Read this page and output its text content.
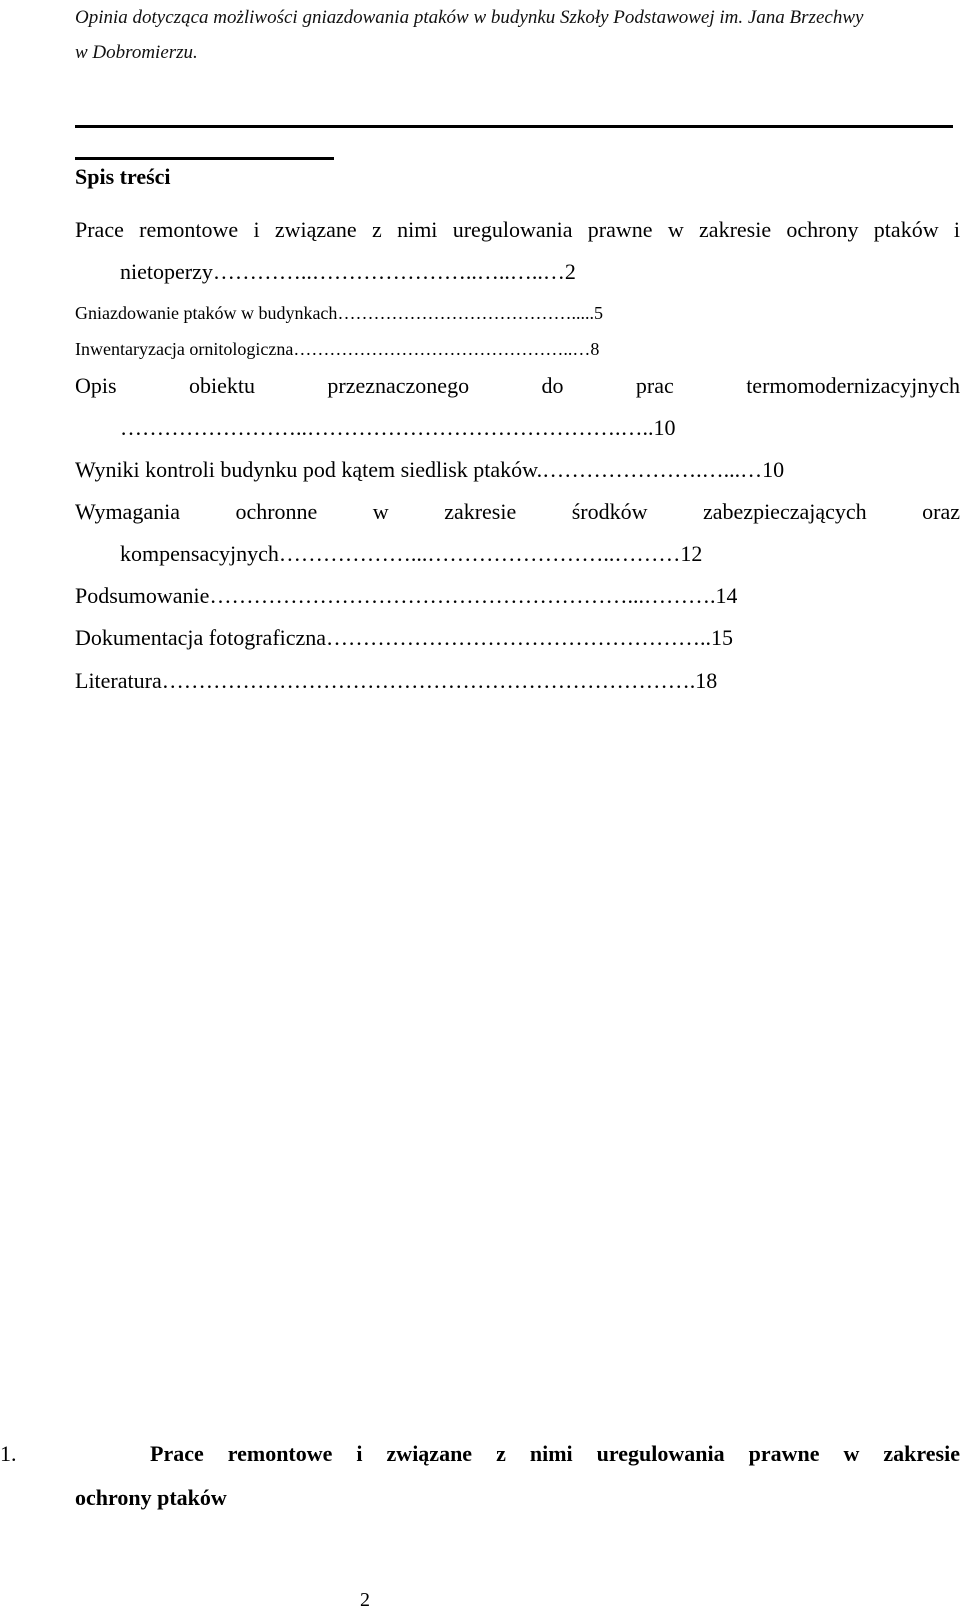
Opinia dotycząca możliwości gniazdowania ptaków w budynku Szkoły Podstawowej im. Jana Brzechwy
w Dobromierzu.
Spis treści
Prace remontowe i związane z nimi uregulowania prawne w zakresie ochrony ptaków i
nietoperzy…………..…………………..…..…..…2
Gniazdowanie ptaków w budynkach………………………………….....5
Inwentaryzacja ornitologiczna………………………………………..…8
Opis obiektu przeznaczonego do prac termomodernizacyjnych
……………………..…………………………………….…..10
Wyniki kontroli budynku pod kątem siedlisk ptaków.………………….…...…10
Wymagania ochronne w zakresie środków zabezpieczających oraz
kompensacyjnych………………...……………………..………12
Podsumowanie…………………………………………………...……….14
Dokumentacja fotograficzna……………………………………………..15
Literatura……………………………………………………………….18
1.	Prace remontowe i związane z nimi uregulowania prawne w zakresie
ochrony ptaków
2
